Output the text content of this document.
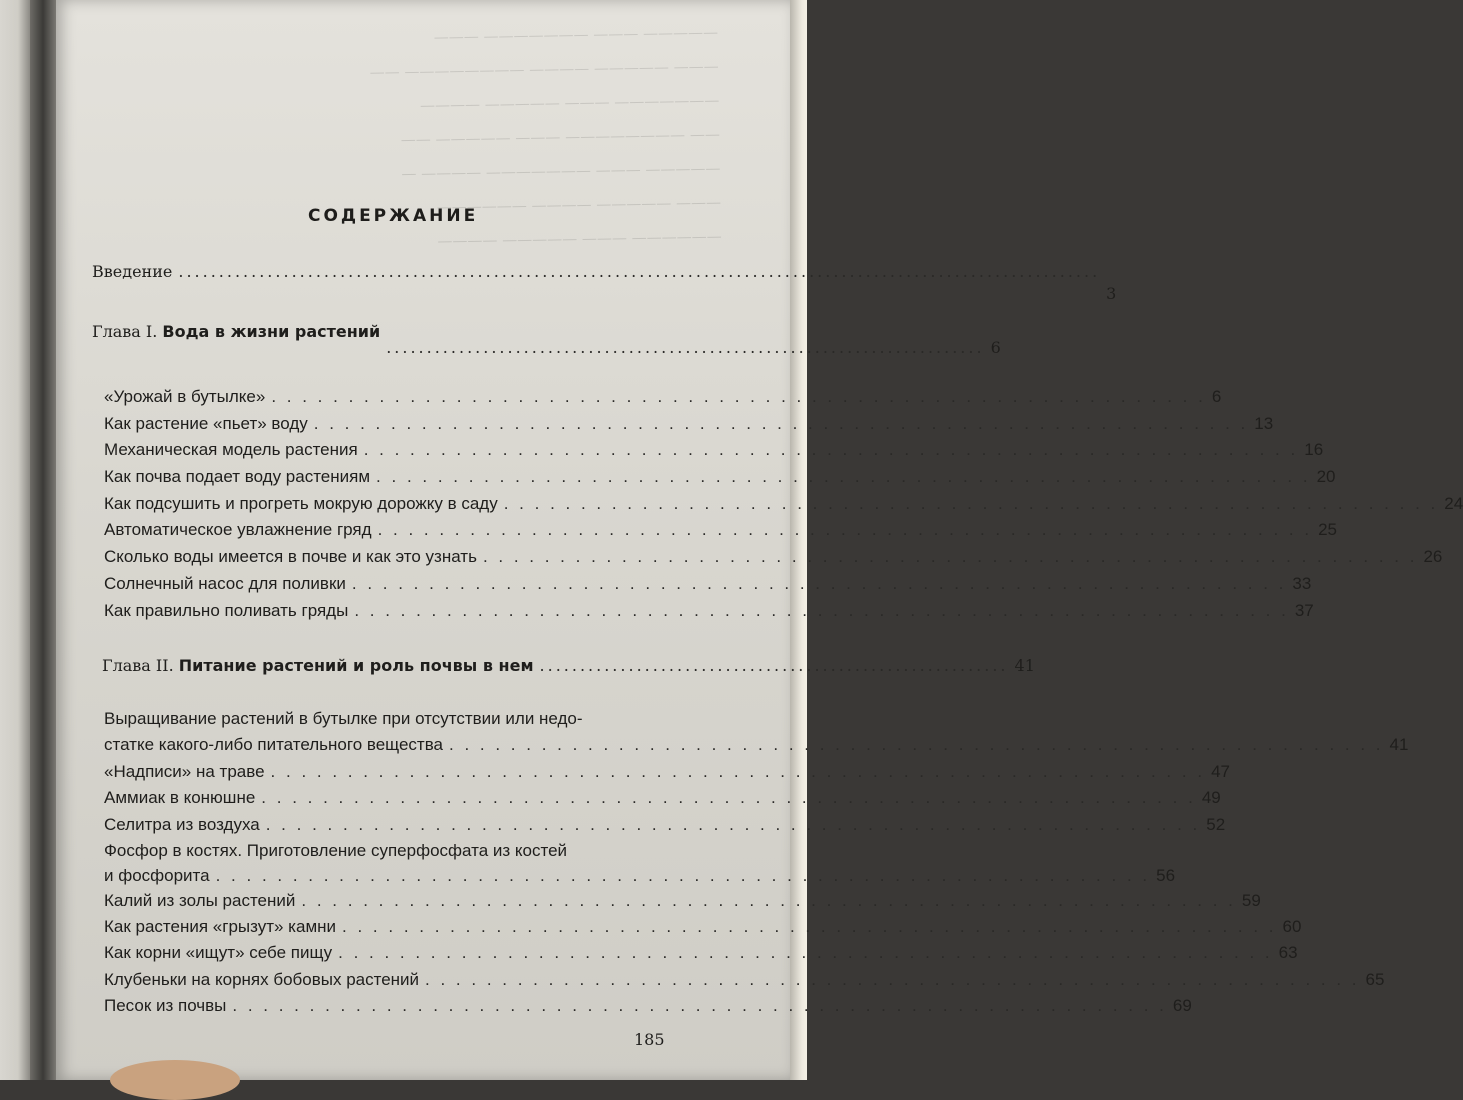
————— ——— ——————— ———
——— ————— ———— ———————— ——
——————— ——— ————— ————
—— ———————— ——— ————— ——
————— ——— ——————— ———— —
——— ————— ———— ——————
—————— ——— ————— ————
СОДЕРЖАНИЕ
Введение ..................................................................................................................
3
Глава I. Вода в жизни растений
.......................................................................... 6
«Урожай в бутылке» . . . . . . . . . . . . . . . . . . . . . . . . . . . . . . . . . . . . . . . . . . . . . . . . . . . . . . . . . . . . . 6
Как растение «пьет» воду . . . . . . . . . . . . . . . . . . . . . . . . . . . . . . . . . . . . . . . . . . . . . . . . . . . . . . . . . . . . . 13
Механическая модель растения . . . . . . . . . . . . . . . . . . . . . . . . . . . . . . . . . . . . . . . . . . . . . . . . . . . . . . . . . . . . . 16
Как почва подает воду растениям . . . . . . . . . . . . . . . . . . . . . . . . . . . . . . . . . . . . . . . . . . . . . . . . . . . . . . . . . . . . . 20
Как подсушить и прогреть мокрую дорожку в саду . . . . . . . . . . . . . . . . . . . . . . . . . . . . . . . . . . . . . . . . . . . . . . . . . . . . . . . . . . . . . 24
Автоматическое увлажнение гряд . . . . . . . . . . . . . . . . . . . . . . . . . . . . . . . . . . . . . . . . . . . . . . . . . . . . . . . . . . . . . 25
Сколько воды имеется в почве и как это узнать . . . . . . . . . . . . . . . . . . . . . . . . . . . . . . . . . . . . . . . . . . . . . . . . . . . . . . . . . . . . . 26
Солнечный насос для поливки . . . . . . . . . . . . . . . . . . . . . . . . . . . . . . . . . . . . . . . . . . . . . . . . . . . . . . . . . . . . . 33
Как правильно поливать гряды . . . . . . . . . . . . . . . . . . . . . . . . . . . . . . . . . . . . . . . . . . . . . . . . . . . . . . . . . . . . . 37
Глава II. Питание растений и роль почвы в нем .......................................................... 41
Выращивание растений в бутылке при отсутствии или недо-
статке какого-либо питательного вещества . . . . . . . . . . . . . . . . . . . . . . . . . . . . . . . . . . . . . . . . . . . . . . . . . . . . . . . . . . . . . 41
«Надписи» на траве . . . . . . . . . . . . . . . . . . . . . . . . . . . . . . . . . . . . . . . . . . . . . . . . . . . . . . . . . . . . . 47
Аммиак в конюшне . . . . . . . . . . . . . . . . . . . . . . . . . . . . . . . . . . . . . . . . . . . . . . . . . . . . . . . . . . . . . 49
Селитра из воздуха . . . . . . . . . . . . . . . . . . . . . . . . . . . . . . . . . . . . . . . . . . . . . . . . . . . . . . . . . . . . . 52
Фосфор в костях. Приготовление суперфосфата из костей
и фосфорита . . . . . . . . . . . . . . . . . . . . . . . . . . . . . . . . . . . . . . . . . . . . . . . . . . . . . . . . . . . . . 56
Калий из золы растений . . . . . . . . . . . . . . . . . . . . . . . . . . . . . . . . . . . . . . . . . . . . . . . . . . . . . . . . . . . . . 59
Как растения «грызут» камни . . . . . . . . . . . . . . . . . . . . . . . . . . . . . . . . . . . . . . . . . . . . . . . . . . . . . . . . . . . . . 60
Как корни «ищут» себе пищу . . . . . . . . . . . . . . . . . . . . . . . . . . . . . . . . . . . . . . . . . . . . . . . . . . . . . . . . . . . . . 63
Клубеньки на корнях бобовых растений . . . . . . . . . . . . . . . . . . . . . . . . . . . . . . . . . . . . . . . . . . . . . . . . . . . . . . . . . . . . . 65
Песок из почвы . . . . . . . . . . . . . . . . . . . . . . . . . . . . . . . . . . . . . . . . . . . . . . . . . . . . . . . . . . . . . 69
185
